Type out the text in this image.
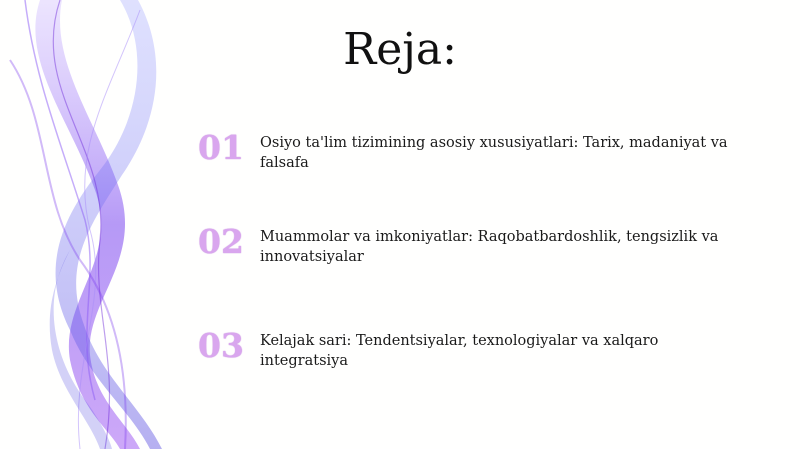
Reja:
01	Osiyo ta'lim tizimining asosiy xususiyatlari: Tarix, madaniyat va falsafa
02	Muammolar va imkoniyatlar: Raqobatbardoshlik, tengsizlik va innovatsiyalar
03	Kelajak sari: Tendentsiyalar, texnologiyalar va xalqaro integratsiya
